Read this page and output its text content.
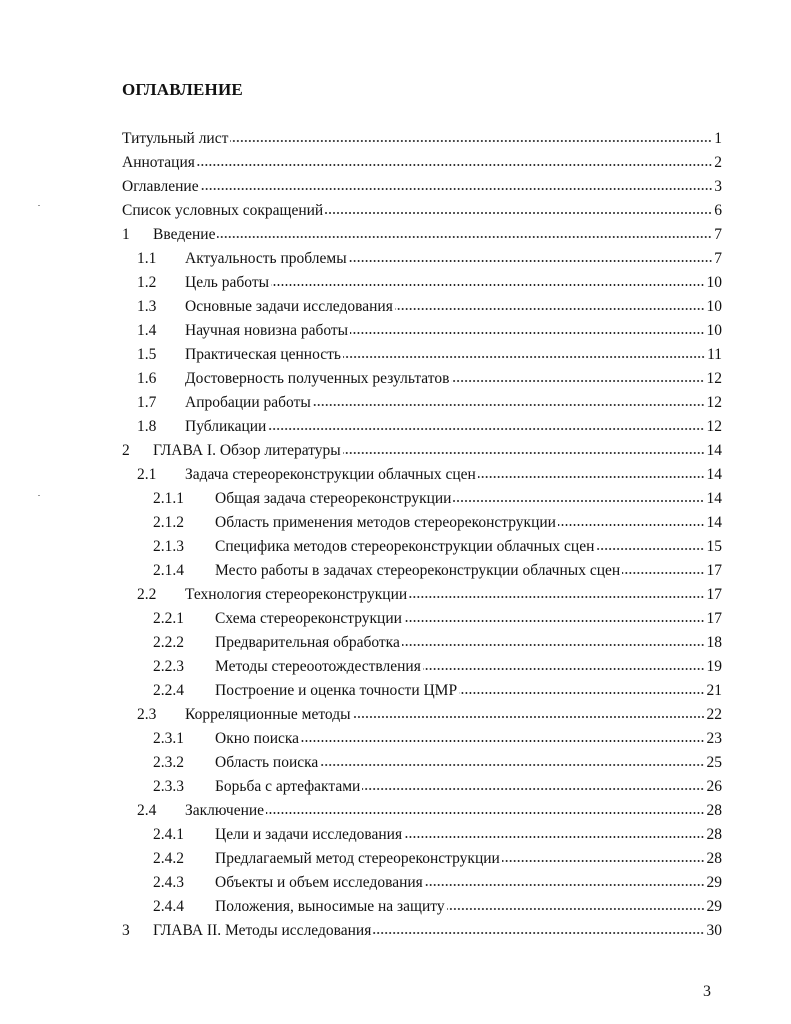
ОГЛАВЛЕНИЕ
Титульный лист	1
Аннотация	2
Оглавление	3
Список условных сокращений	6
1	Введение	7
1.1	Актуальность проблемы	7
1.2	Цель работы	10
1.3	Основные задачи исследования	10
1.4	Научная новизна работы	10
1.5	Практическая ценность	11
1.6	Достоверность полученных результатов	12
1.7	Апробации работы	12
1.8	Публикации	12
2	ГЛАВА I. Обзор литературы	14
2.1	Задача стереореконструкции облачных сцен	14
2.1.1	Общая задача стереореконструкции	14
2.1.2	Область применения методов стереореконструкции	14
2.1.3	Специфика методов стереореконструкции облачных сцен	15
2.1.4	Место работы в задачах стереореконструкции облачных сцен	17
2.2	Технология стереореконструкции	17
2.2.1	Схема стереореконструкции	17
2.2.2	Предварительная обработка	18
2.2.3	Методы стереоотождествления	19
2.2.4	Построение и оценка точности ЦМР	21
2.3	Корреляционные методы	22
2.3.1	Окно поиска	23
2.3.2	Область поиска	25
2.3.3	Борьба с артефактами	26
2.4	Заключение	28
2.4.1	Цели и задачи исследования	28
2.4.2	Предлагаемый метод стереореконструкции	28
2.4.3	Объекты и объем исследования	29
2.4.4	Положения, выносимые на защиту	29
3	ГЛАВА II. Методы исследования	30
3
